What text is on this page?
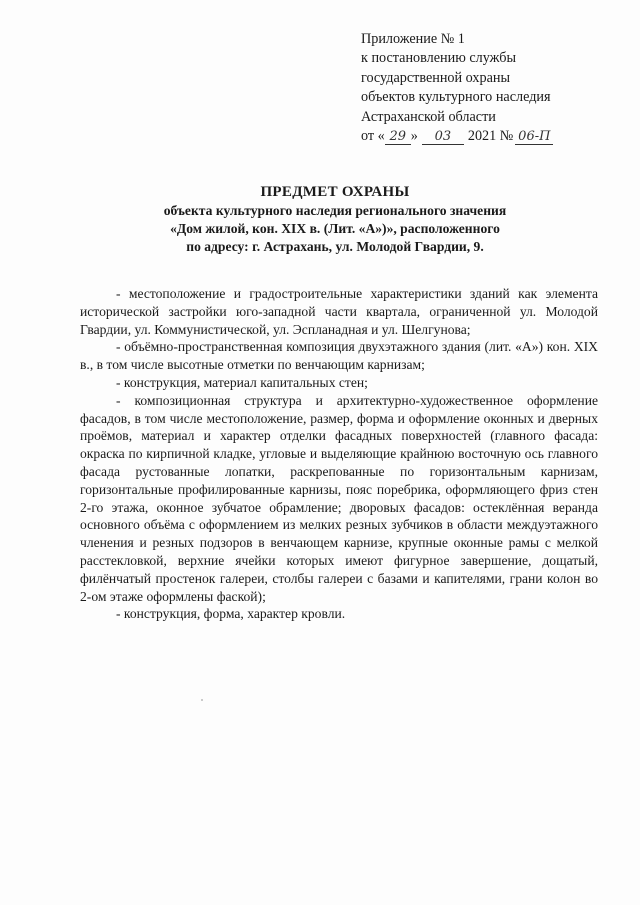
Приложение № 1
к постановлению службы
государственной охраны
объектов культурного наследия
Астраханской области
от « 29 » 03 2021 № 06-П
ПРЕДМЕТ ОХРАНЫ
объекта культурного наследия регионального значения
«Дом жилой, кон. XIX в. (Лит. «А»)», расположенного
по адресу: г. Астрахань, ул. Молодой Гвардии, 9.

- местоположение и градостроительные характеристики зданий как элемента исторической застройки юго-западной части квартала, ограниченной ул. Молодой Гвардии, ул. Коммунистической, ул. Эспланадная и ул. Шелгунова;

- объёмно-пространственная композиция двухэтажного здания (лит. «А») кон. XIX в., в том числе высотные отметки по венчающим карнизам;

- конструкция, материал капитальных стен;

- композиционная структура и архитектурно-художественное оформление фасадов, в том числе местоположение, размер, форма и оформление оконных и дверных проёмов, материал и характер отделки фасадных поверхностей (главного фасада: окраска по кирпичной кладке, угловые и выделяющие крайнюю восточную ось главного фасада рустованные лопатки, раскрепованные по горизонтальным карнизам, горизонтальные профилированные карнизы, пояс поребрика, оформляющего фриз стен 2-го этажа, оконное зубчатое обрамление; дворовых фасадов: остеклённая веранда основного объёма с оформлением из мелких резных зубчиков в области междуэтажного членения и резных подзоров в венчающем карнизе, крупные оконные рамы с мелкой расстекловкой, верхние ячейки которых имеют фигурное завершение, дощатый, филёнчатый простенок галереи, столбы галереи с базами и капителями, грани колон во 2-ом этаже оформлены фаской);

- конструкция, форма, характер кровли.
